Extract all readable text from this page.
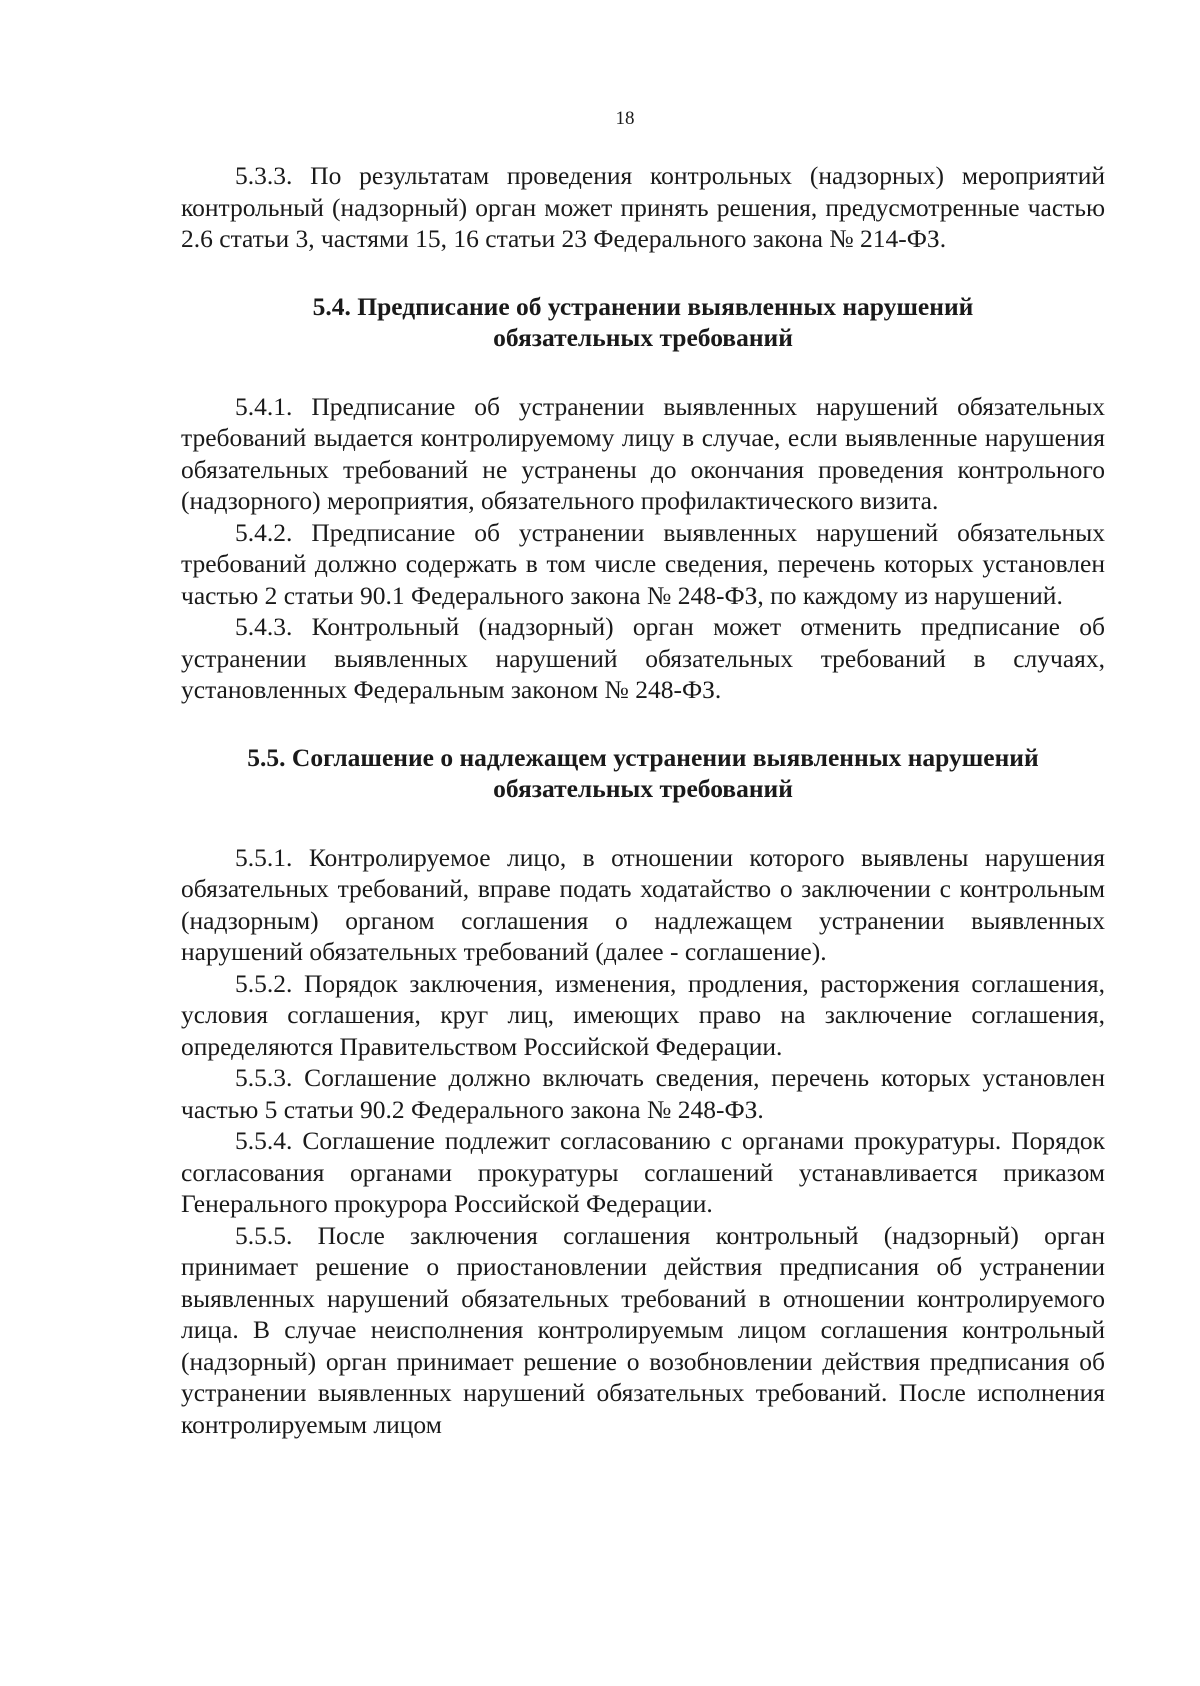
18

5.3.3. По результатам проведения контрольных (надзорных) мероприятий контрольный (надзорный) орган может принять решения, предусмотренные частью 2.6 статьи 3, частями 15, 16 статьи 23 Федерального закона № 214-ФЗ.

5.4. Предписание об устранении выявленных нарушений
обязательных требований

5.4.1. Предписание об устранении выявленных нарушений обязательных требований выдается контролируемому лицу в случае, если выявленные нарушения обязательных требований не устранены до окончания проведения контрольного (надзорного) мероприятия, обязательного профилактического визита.

5.4.2. Предписание об устранении выявленных нарушений обязательных требований должно содержать в том числе сведения, перечень которых установлен частью 2 статьи 90.1 Федерального закона № 248-ФЗ, по каждому из нарушений.

5.4.3. Контрольный (надзорный) орган может отменить предписание об устранении выявленных нарушений обязательных требований в случаях, установленных Федеральным законом № 248-ФЗ.

5.5. Соглашение о надлежащем устранении выявленных нарушений
обязательных требований

5.5.1. Контролируемое лицо, в отношении которого выявлены нарушения обязательных требований, вправе подать ходатайство о заключении с контрольным (надзорным) органом соглашения о надлежащем устранении выявленных нарушений обязательных требований (далее - соглашение).

5.5.2. Порядок заключения, изменения, продления, расторжения соглашения, условия соглашения, круг лиц, имеющих право на заключение соглашения, определяются Правительством Российской Федерации.

5.5.3. Соглашение должно включать сведения, перечень которых установлен частью 5 статьи 90.2 Федерального закона № 248-ФЗ.

5.5.4. Соглашение подлежит согласованию с органами прокуратуры. Порядок согласования органами прокуратуры соглашений устанавливается приказом Генерального прокурора Российской Федерации.

5.5.5. После заключения соглашения контрольный (надзорный) орган принимает решение о приостановлении действия предписания об устранении выявленных нарушений обязательных требований в отношении контролируемого лица. В случае неисполнения контролируемым лицом соглашения контрольный (надзорный) орган принимает решение о возобновлении действия предписания об устранении выявленных нарушений обязательных требований. После исполнения контролируемым лицом
